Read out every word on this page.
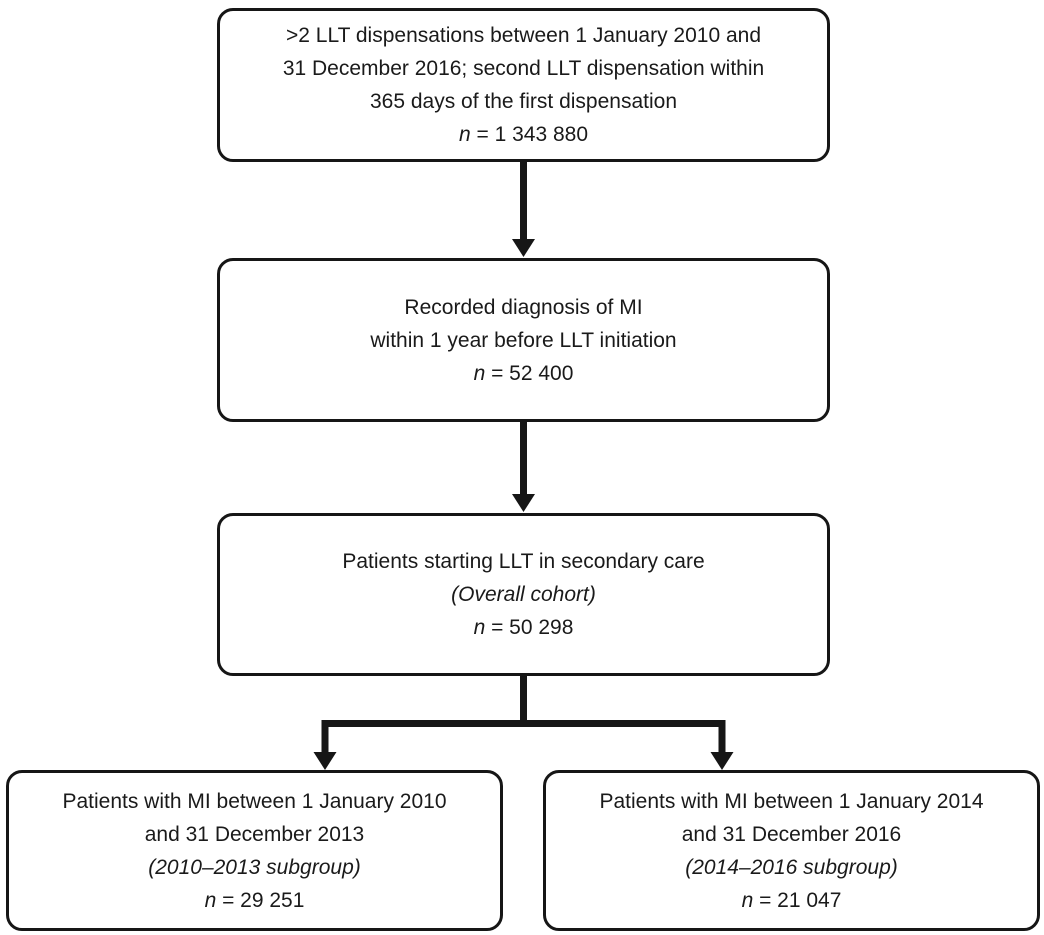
>2 LLT dispensations between 1 January 2010 and
31 December 2016; second LLT dispensation within
365 days of the first dispensation
n = 1 343 880
Recorded diagnosis of MI
within 1 year before LLT initiation
n = 52 400
Patients starting LLT in secondary care
(Overall cohort)
n = 50 298
Patients with MI between 1 January 2010
and 31 December 2013
(2010–2013 subgroup)
n = 29 251
Patients with MI between 1 January 2014
and 31 December 2016
(2014–2016 subgroup)
n = 21 047
